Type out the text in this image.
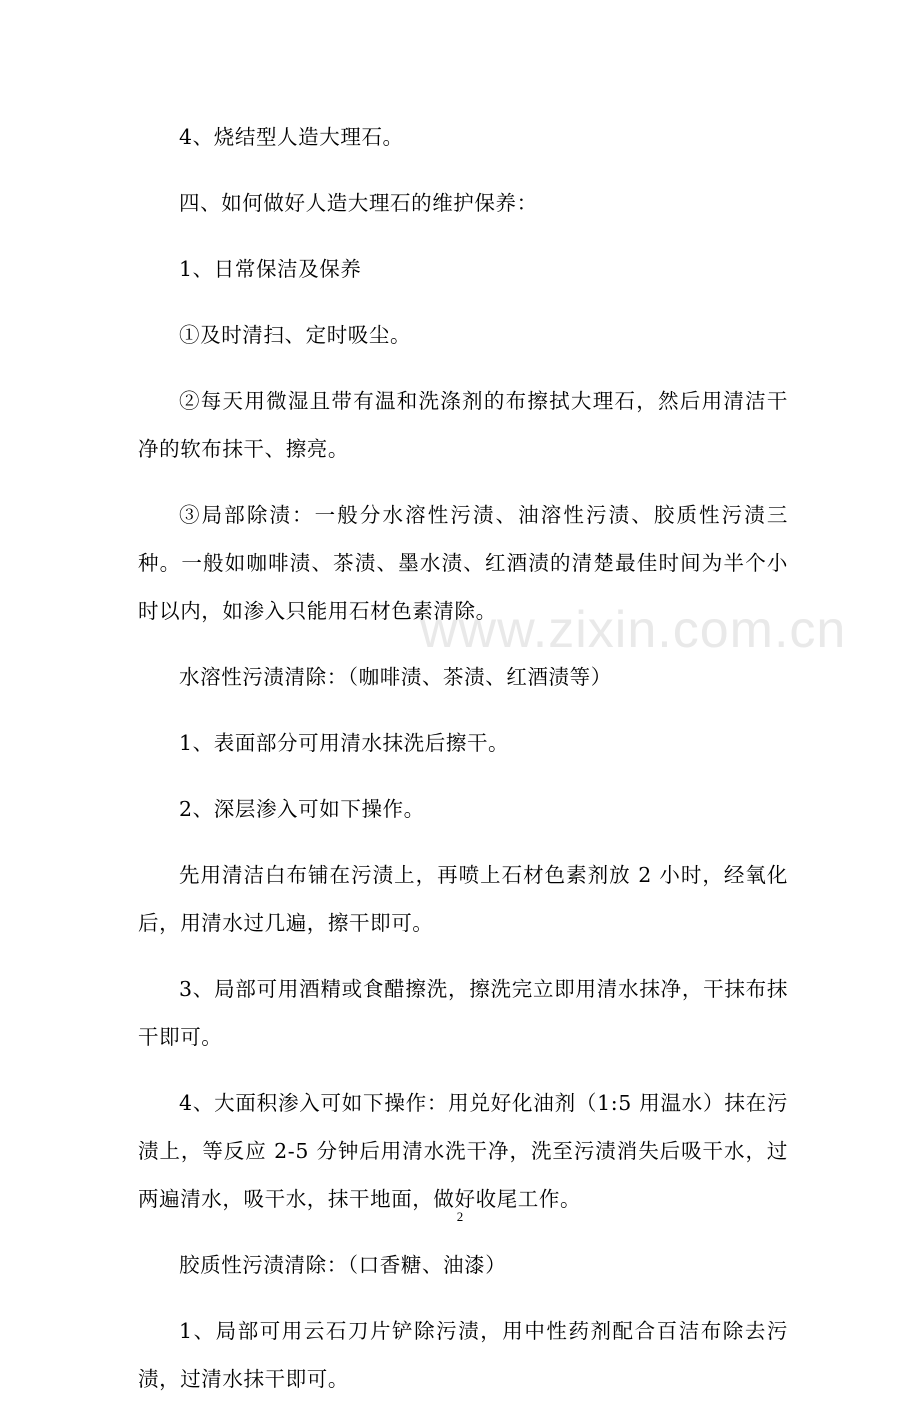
www.zixin.com.cn

4、烧结型人造大理石。

四、如何做好人造大理石的维护保养：

1、日常保洁及保养

①及时清扫、定时吸尘。

②每天用微湿且带有温和洗涤剂的布擦拭大理石，然后用清洁干净的软布抹干、擦亮。

③局部除渍：一般分水溶性污渍、油溶性污渍、胶质性污渍三种。一般如咖啡渍、茶渍、墨水渍、红酒渍的清楚最佳时间为半个小时以内，如渗入只能用石材色素清除。

水溶性污渍清除：（咖啡渍、茶渍、红酒渍等）

1、表面部分可用清水抹洗后擦干。

2、深层渗入可如下操作。

先用清洁白布铺在污渍上，再喷上石材色素剂放 2 小时，经氧化后，用清水过几遍，擦干即可。

3、局部可用酒精或食醋擦洗，擦洗完立即用清水抹净，干抹布抹干即可。

4、大面积渗入可如下操作：用兑好化油剂（1:5 用温水）抹在污渍上，等反应 2-5 分钟后用清水洗干净，洗至污渍消失后吸干水，过两遍清水，吸干水，抹干地面，做好收尾工作。

胶质性污渍清除：（口香糖、油漆）

1、局部可用云石刀片铲除污渍，用中性药剂配合百洁布除去污渍，过清水抹干即可。

2
